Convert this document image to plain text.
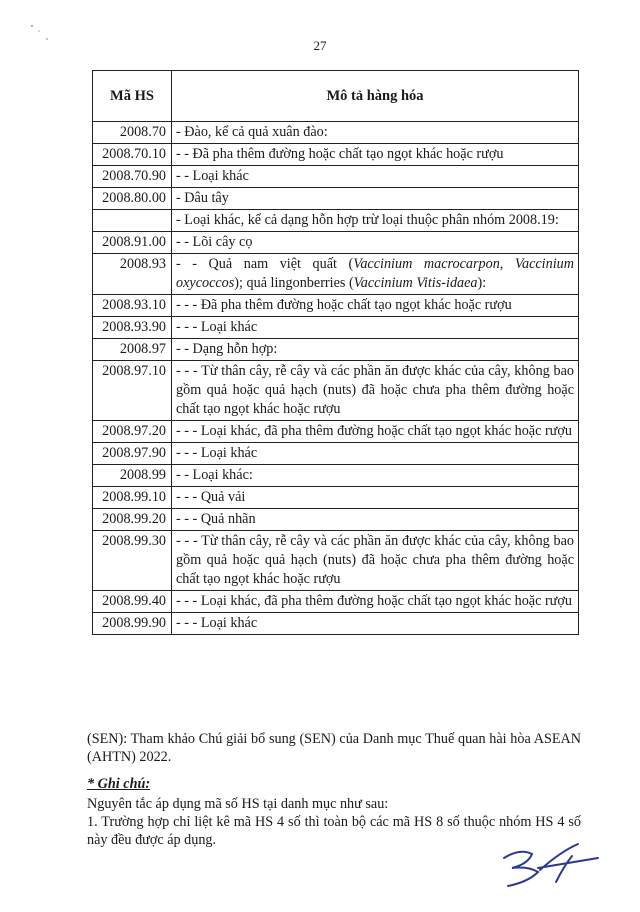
27
Mã HS	Mô tả hàng hóa
2008.70	- Đào, kể cả quả xuân đào:
2008.70.10	- - Đã pha thêm đường hoặc chất tạo ngọt khác hoặc rượu
2008.70.90	- - Loại khác
2008.80.00	- Dâu tây
	- Loại khác, kể cả dạng hỗn hợp trừ loại thuộc phân nhóm 2008.19:
2008.91.00	- - Lõi cây cọ
2008.93	- - Quả nam việt quất (Vaccinium macrocarpon, Vaccinium oxycoccos); quả lingonberries (Vaccinium Vitis-idaea):
2008.93.10	- - - Đã pha thêm đường hoặc chất tạo ngọt khác hoặc rượu
2008.93.90	- - - Loại khác
2008.97	- - Dạng hỗn hợp:
2008.97.10	- - - Từ thân cây, rễ cây và các phần ăn được khác của cây, không bao gồm quả hoặc quả hạch (nuts) đã hoặc chưa pha thêm đường hoặc chất tạo ngọt khác hoặc rượu
2008.97.20	- - - Loại khác, đã pha thêm đường hoặc chất tạo ngọt khác hoặc rượu
2008.97.90	- - - Loại khác
2008.99	- - Loại khác:
2008.99.10	- - - Quả vải
2008.99.20	- - - Quả nhãn
2008.99.30	- - - Từ thân cây, rễ cây và các phần ăn được khác của cây, không bao gồm quả hoặc quả hạch (nuts) đã hoặc chưa pha thêm đường hoặc chất tạo ngọt khác hoặc rượu
2008.99.40	- - - Loại khác, đã pha thêm đường hoặc chất tạo ngọt khác hoặc rượu
2008.99.90	- - - Loại khác
(SEN): Tham khảo Chú giải bổ sung (SEN) của Danh mục Thuế quan hài hòa ASEAN (AHTN) 2022.
* Ghi chú:
Nguyên tắc áp dụng mã số HS tại danh mục như sau:
1. Trường hợp chỉ liệt kê mã HS 4 số thì toàn bộ các mã HS 8 số thuộc nhóm HS 4 số này đều được áp dụng.
